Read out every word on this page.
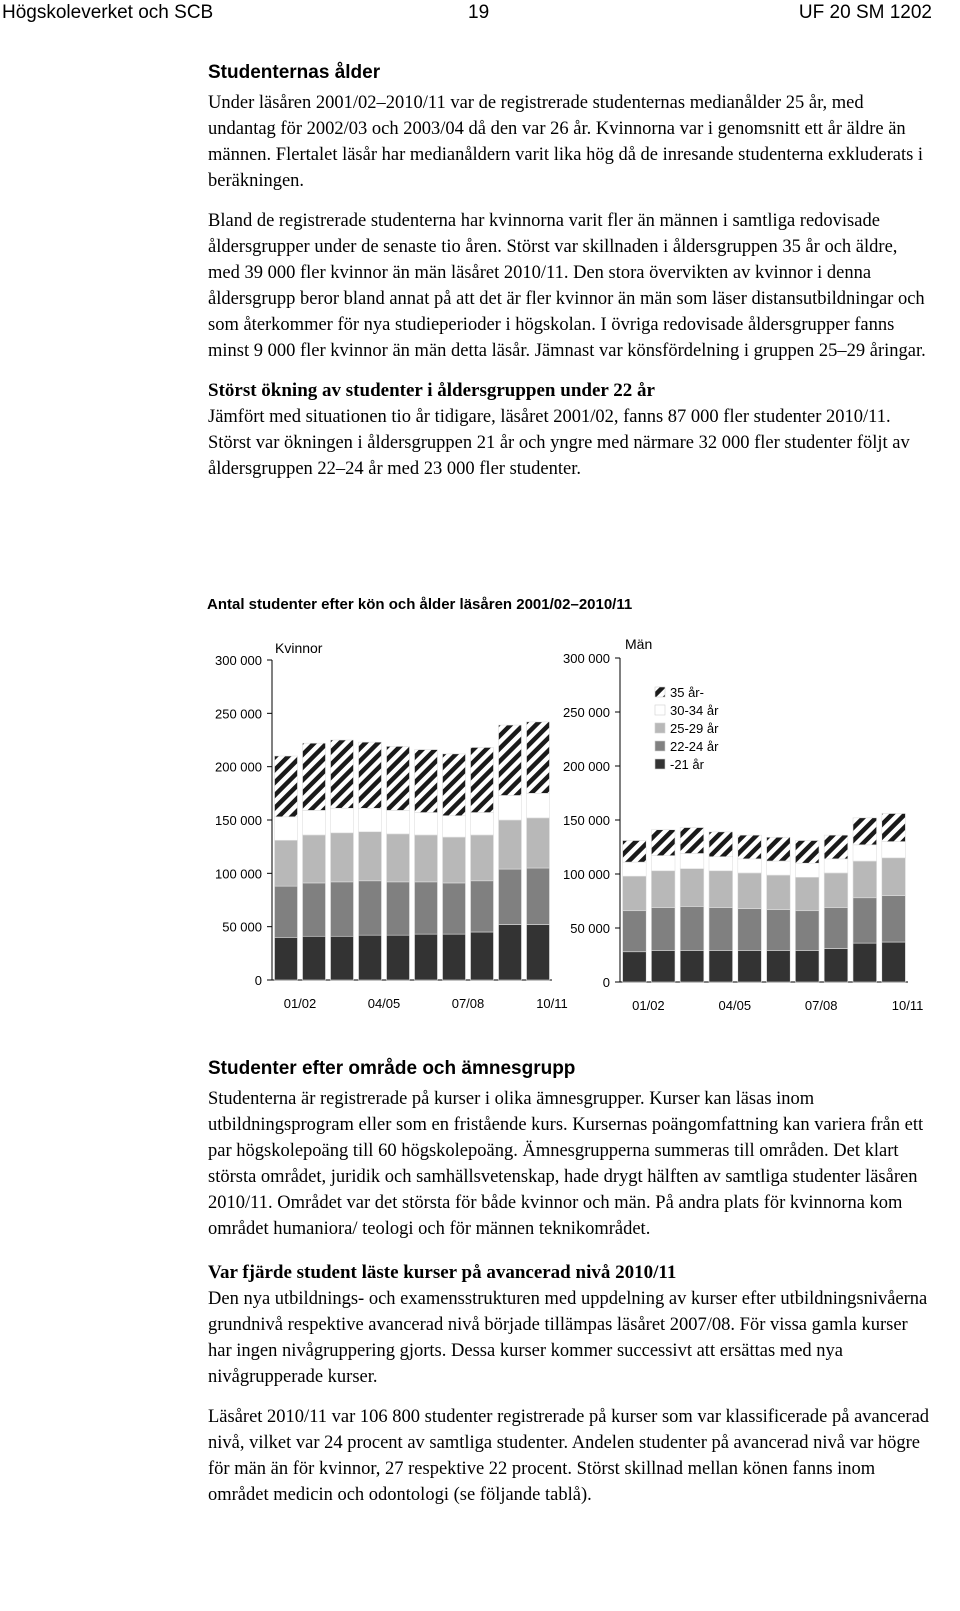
Högskoleverket och SCB	19	UF 20 SM 1202
Studenternas ålder

Under läsåren 2001/02–2010/11 var de registrerade studenternas medianålder 25 år, med undantag för 2002/03 och 2003/04 då den var 26 år. Kvinnorna var i genomsnitt ett år äldre än männen. Flertalet läsår har medianåldern varit lika hög då de inresande studenterna exkluderats i beräkningen.

Bland de registrerade studenterna har kvinnorna varit fler än männen i samtliga redovisade åldersgrupper under de senaste tio åren. Störst var skillnaden i åldersgruppen 35 år och äldre, med 39 000 fler kvinnor än män läsåret 2010/11. Den stora övervikten av kvinnor i denna åldersgrupp beror bland annat på att det är fler kvinnor än män som läser distansutbildningar och som återkommer för nya studieperioder i högskolan. I övriga redovisade åldersgrupper fanns minst 9 000 fler kvinnor än män detta läsår. Jämnast var könsfördelning i gruppen 25–29 åringar.

Störst ökning av studenter i åldersgruppen under 22 år

Jämfört med situationen tio år tidigare, läsåret 2001/02, fanns 87 000 fler studenter 2010/11. Störst var ökningen i åldersgruppen 21 år och yngre med närmare 32 000 fler studenter följt av åldersgruppen 22–24 år med 23 000 fler studenter.

Antal studenter efter kön och ålder läsåren 2001/02–2010/11
0
50 000
100 000
150 000
200 000
250 000
300 000
Kvinnor
01/02	04/05	07/08	10/11
0
50 000
100 000
150 000
200 000
250 000
300 000
Män
01/02	04/05	07/08	10/11
35 år-
30-34 år
25-29 år
22-24 år
-21 år
Studenter efter område och ämnesgrupp

Studenterna är registrerade på kurser i olika ämnesgrupper. Kurser kan läsas inom utbildningsprogram eller som en fristående kurs. Kursernas poängomfattning kan variera från ett par högskolepoäng till 60 högskolepoäng. Ämnesgrupperna summeras till områden. Det klart största området, juridik och samhällsvetenskap, hade drygt hälften av samtliga studenter läsåren 2010/11. Området var det största för både kvinnor och män. På andra plats för kvinnorna kom området humaniora/ teologi och för männen teknikområdet.

Var fjärde student läste kurser på avancerad nivå 2010/11

Den nya utbildnings- och examensstrukturen med uppdelning av kurser efter utbildningsnivåerna grundnivå respektive avancerad nivå började tillämpas läsåret 2007/08. För vissa gamla kurser har ingen nivågruppering gjorts. Dessa kurser kommer successivt att ersättas med nya nivågrupperade kurser.

Läsåret 2010/11 var 106 800 studenter registrerade på kurser som var klassificerade på avancerad nivå, vilket var 24 procent av samtliga studenter. Andelen studenter på avancerad nivå var högre för män än för kvinnor, 27 respektive 22 procent. Störst skillnad mellan könen fanns inom området medicin och odontologi (se följande tablå).
